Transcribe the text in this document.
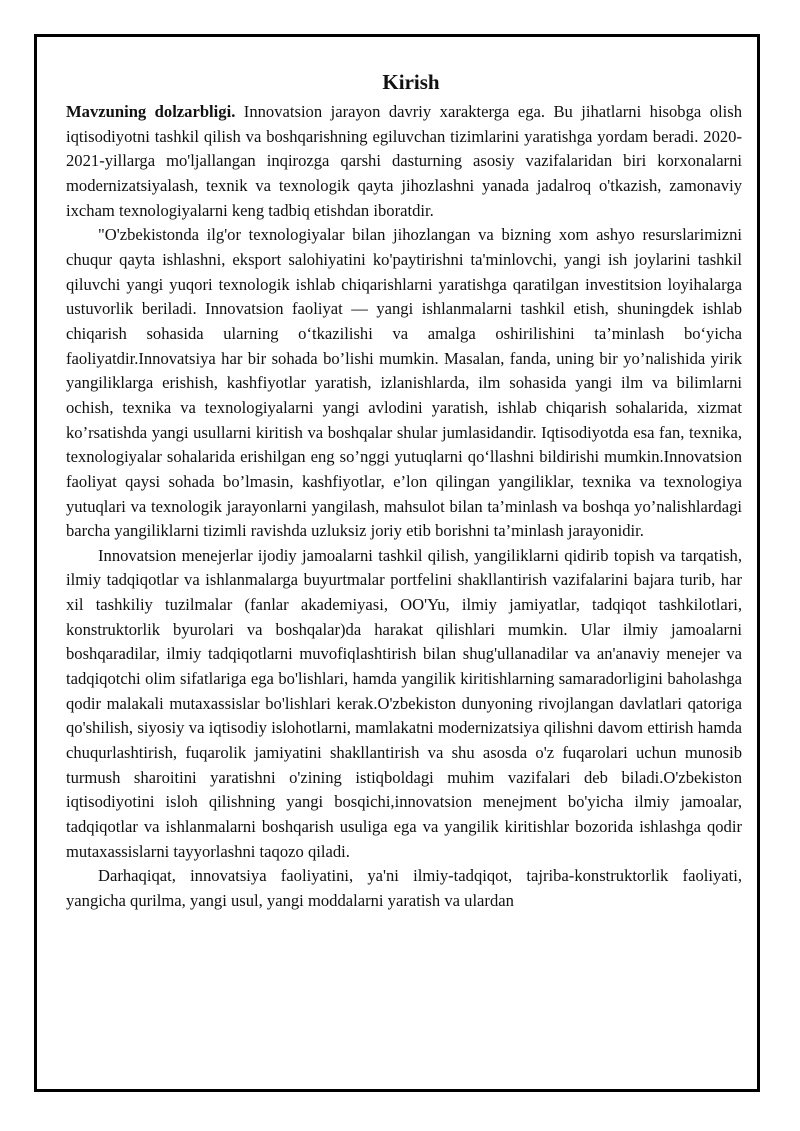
Kirish

Mavzuning dolzarbligi. Innovatsion jarayon davriy xarakterga ega. Bu jihatlarni hisobga olish iqtisodiyotni tashkil qilish va boshqarishning egiluvchan tizimlarini yaratishga yordam beradi. 2020-2021-yillarga mo'ljallangan inqirozga qarshi dasturning asosiy vazifalaridan biri korxonalarni modernizatsiyalash, texnik va texnologik qayta jihozlashni yanada jadalroq o'tkazish, zamonaviy ixcham texnologiyalarni keng tadbiq etishdan iboratdir.

"O'zbekistonda ilg'or texnologiyalar bilan jihozlangan va bizning xom ashyo resurslarimizni chuqur qayta ishlashni, eksport salohiyatini ko'paytirishni ta'minlovchi, yangi ish joylarini tashkil qiluvchi yangi yuqori texnologik ishlab chiqarishlarni yaratishga qaratilgan investitsion loyihalarga ustuvorlik beriladi. Innovatsion faoliyat — yangi ishlanmalarni tashkil etish, shuningdek ishlab chiqarish sohasida ularning o‘tkazilishi va amalga oshirilishini ta’minlash bo‘yicha faoliyatdir.Innovatsiya har bir sohada bo’lishi mumkin. Masalan, fanda, uning bir yo’nalishida yirik yangiliklarga erishish, kashfiyotlar yaratish, izlanishlarda, ilm sohasida yangi ilm va bilimlarni ochish, texnika va texnologiyalarni yangi avlodini yaratish, ishlab chiqarish sohalarida, xizmat ko’rsatishda yangi usullarni kiritish va boshqalar shular jumlasidandir. Iqtisodiyotda esa fan, texnika, texnologiyalar sohalarida erishilgan eng so’nggi yutuqlarni qo‘llashni bildirishi mumkin.Innovatsion faoliyat qaysi sohada bo’lmasin, kashfiyotlar, e’lon qilingan yangiliklar, texnika va texnologiya yutuqlari va texnologik jarayonlarni yangilash, mahsulot bilan ta’minlash va boshqa yo’nalishlardagi barcha yangiliklarni tizimli ravishda uzluksiz joriy etib borishni ta’minlash jarayonidir.

Innovatsion menejerlar ijodiy jamoalarni tashkil qilish, yangiliklarni qidirib topish va tarqatish, ilmiy tadqiqotlar va ishlanmalarga buyurtmalar portfelini shakllantirish vazifalarini bajara turib, har xil tashkiliy tuzilmalar (fanlar akademiyasi, OO'Yu, ilmiy jamiyatlar, tadqiqot tashkilotlari, konstruktorlik byurolari va boshqalar)da harakat qilishlari mumkin. Ular ilmiy jamoalarni boshqaradilar, ilmiy tadqiqotlarni muvofiqlashtirish bilan shug'ullanadilar va an'anaviy menejer va tadqiqotchi olim sifatlariga ega bo'lishlari, hamda yangilik kiritishlarning samaradorligini baholashga qodir malakali mutaxassislar bo'lishlari kerak.O'zbekiston dunyoning rivojlangan davlatlari qatoriga qo'shilish, siyosiy va iqtisodiy islohotlarni, mamlakatni modernizatsiya qilishni davom ettirish hamda chuqurlashtirish, fuqarolik jamiyatini shakllantirish va shu asosda o'z fuqarolari uchun munosib turmush sharoitini yaratishni o'zining istiqboldagi muhim vazifalari deb biladi.O'zbekiston iqtisodiyotini isloh qilishning yangi bosqichi,innovatsion menejment bo'yicha ilmiy jamoalar, tadqiqotlar va ishlanmalarni boshqarish usuliga ega va yangilik kiritishlar bozorida ishlashga qodir mutaxassislarni tayyorlashni taqozo qiladi.

Darhaqiqat, innovatsiya faoliyatini, ya'ni ilmiy-tadqiqot, tajriba-konstruktorlik faoliyati, yangicha qurilma, yangi usul, yangi moddalarni yaratish va ulardan
